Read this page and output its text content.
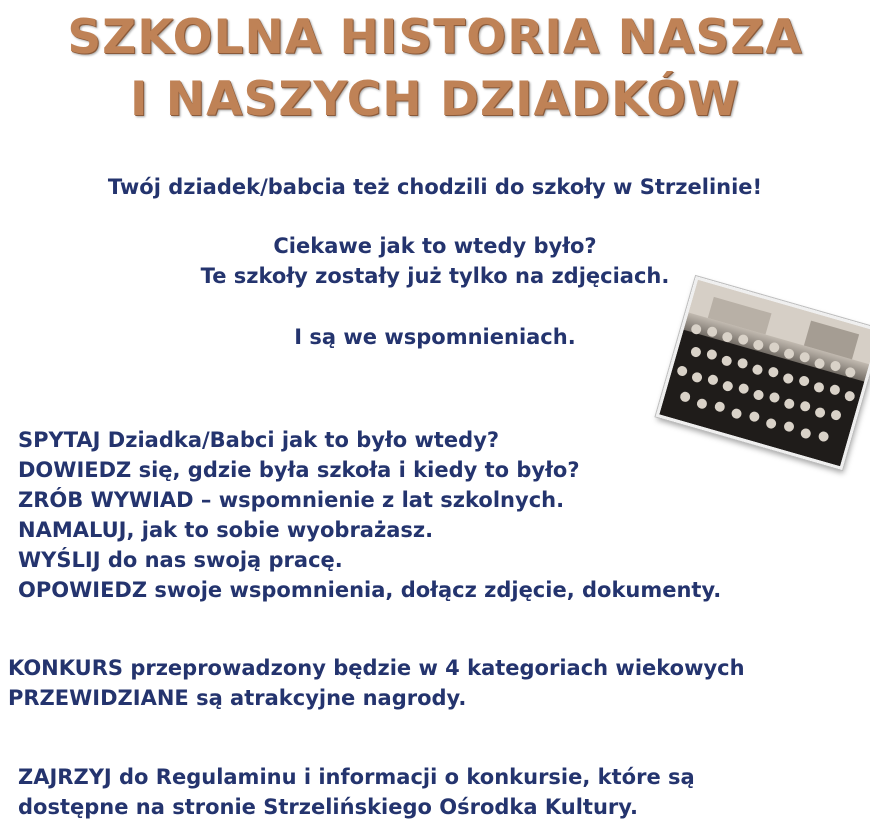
SZKOLNA HISTORIA NASZA
I NASZYCH DZIADKÓW
Twój dziadek/babcia też chodzili do szkoły w Strzelinie!
Ciekawe jak to wtedy było?
Te szkoły zostały już tylko na zdjęciach.
I są we wspomnieniach.
SPYTAJ Dziadka/Babci jak to było wtedy?
DOWIEDZ się, gdzie była szkoła i kiedy to było?
ZRÓB WYWIAD – wspomnienie z lat szkolnych.
NAMALUJ, jak to sobie wyobrażasz.
WYŚLIJ do nas swoją pracę.
OPOWIEDZ swoje wspomnienia, dołącz zdjęcie, dokumenty.
KONKURS przeprowadzony będzie w 4 kategoriach wiekowych
PRZEWIDZIANE są atrakcyjne nagrody.
ZAJRZYJ do Regulaminu i informacji o konkursie, które są
dostępne na stronie Strzelińskiego Ośrodka Kultury.
